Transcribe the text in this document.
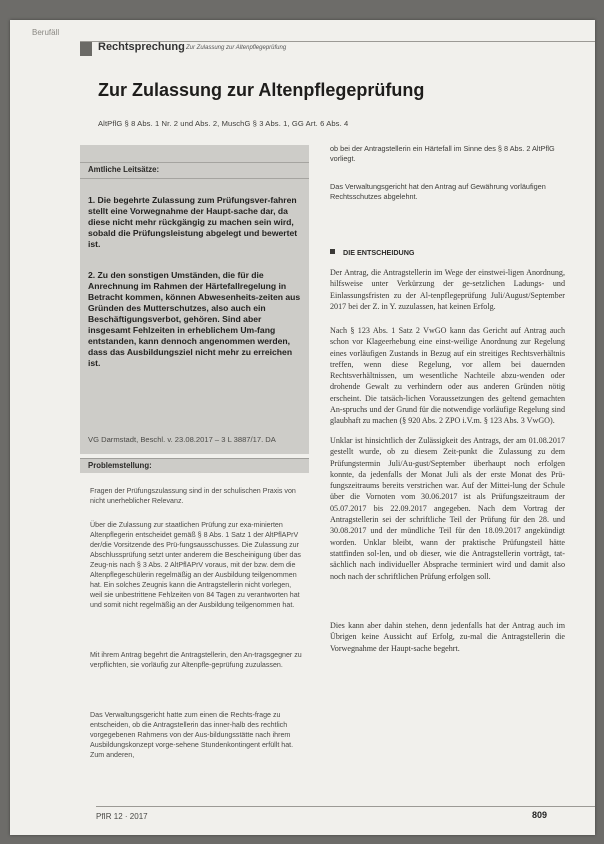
Berufäll
Rechtsprechung Zur Zulassung zur Altenpflegeprüfung
Zur Zulassung zur Altenpflegeprüfung
AltPflG § 8 Abs. 1 Nr. 2 und Abs. 2, MuschG § 3 Abs. 1, GG Art. 6 Abs. 4
Amtliche Leitsätze:

1. Die begehrte Zulassung zum Prüfungsver-fahren stellt eine Vorwegnahme der Haupt-sache dar, da diese nicht mehr rückgängig zu machen sein wird, sobald die Prüfungsleistung abgelegt und bewertet ist.

2. Zu den sonstigen Umständen, die für die Anrechnung im Rahmen der Härtefallregelung in Betracht kommen, können Abwesenheits-zeiten aus Gründen des Mutterschutzes, also auch ein Beschäftigungsverbot, gehören. Sind aber insgesamt Fehlzeiten in erheblichem Um-fang entstanden, kann dennoch angenommen werden, dass das Ausbildungsziel nicht mehr zu erreichen ist.

VG Darmstadt, Beschl. v. 23.08.2017 – 3 L 3887/17. DA
Problemstellung:

Fragen der Prüfungszulassung sind in der schulischen Praxis von nicht unerheblicher Relevanz.

Über die Zulassung zur staatlichen Prüfung zur exa-minierten Altenpflegerin entscheidet gemäß § 8 Abs. 1 Satz 1 der AltPflAPrV der/die Vorsitzende des Prü-fungsausschusses. Die Zulassung zur Abschlussprüfung setzt unter anderem die Bescheinigung über das Zeug-nis nach § 3 Abs. 2 AltPflAPrV voraus, mit der bzw. dem die Altenpflegeschülerin regelmäßig an der Ausbildung teilgenommen hat. Ein solches Zeugnis kann die Antragstellerin nicht vorlegen, weil sie unbestrittene Fehlzeiten von 84 Tagen zu verantworten hat und somit nicht regelmäßig an der Ausbildung teilgenommen hat.

Mit ihrem Antrag begehrt die Antragstellerin, den An-tragsgegner zu verpflichten, sie vorläufig zur Altenpfle-geprüfung zuzulassen.

Das Verwaltungsgericht hatte zum einen die Rechts-frage zu entscheiden, ob die Antragstellerin das inner-halb des rechtlich vorgegebenen Rahmens von der Aus-bildungsstätte nach ihrem Ausbildungskonzept vorge-sehene Stundenkontingent erfüllt hat. Zum anderen,

ob bei der Antragstellerin ein Härtefall im Sinne des § 8 Abs. 2 AltPflG vorliegt.

Das Verwaltungsgericht hat den Antrag auf Gewährung vorläufigen Rechtsschutzes abgelehnt.

DIE ENTSCHEIDUNG

Der Antrag, die Antragstellerin im Wege der einstwei-ligen Anordnung, hilfsweise unter Verkürzung der ge-setzlichen Ladungs- und Einlassungsfristen zu der Al-tenpflegeprüfung Juli/August/September 2017 bei der Z. in Y. zuzulassen, hat keinen Erfolg.

Nach § 123 Abs. 1 Satz 2 VwGO kann das Gericht auf Antrag auch schon vor Klageerhebung eine einst-weilige Anordnung zur Regelung eines vorläufigen Zustands in Bezug auf ein streitiges Rechtsverhältnis treffen, wenn diese Regelung, vor allem bei dauernden Rechtsverhältnissen, um wesentliche Nachteile abzu-wenden oder drohende Gewalt zu verhindern oder aus anderen Gründen nötig erscheint. Die tatsäch-lichen Voraussetzungen des geltend gemachten An-spruchs und der Grund für die notwendige vorläufige Regelung sind glaubhaft zu machen (§ 920 Abs. 2 ZPO i.V.m. § 123 Abs. 3 VwGO).

Unklar ist hinsichtlich der Zulässigkeit des Antrags, der am 01.08.2017 gestellt wurde, ob zu diesem Zeit-punkt die Zulassung zu dem Prüfungstermin Juli/Au-gust/September überhaupt noch erfolgen konnte, da jedenfalls der Monat Juli als der erste Monat des Prü-fungszeitraums bereits verstrichen war. Auf der Mittei-lung der Schule über die Vornoten vom 30.06.2017 ist als Prüfungszeitraum der 05.07.2017 bis 22.09.2017 angegeben. Nach dem Vortrag der Antragstellerin sei der schriftliche Teil der Prüfung für den 28. und 30.08.2017 und der mündliche Teil für den 18.09.2017 angekündigt worden. Unklar bleibt, wann der praktische Prüfungsteil hätte stattfinden sol-len, und ob dieser, wie die Antragstellerin vorträgt, tat-sächlich nach individueller Absprache terminiert wird und damit also noch nach der schriftlichen Prüfung erfolgen soll.

Dies kann aber dahin stehen, denn jedenfalls hat der Antrag auch im Übrigen keine Aussicht auf Erfolg, zu-mal die Antragstellerin die Vorwegnahme der Haupt-sache begehrt.

PfIR 12 · 2017	809
